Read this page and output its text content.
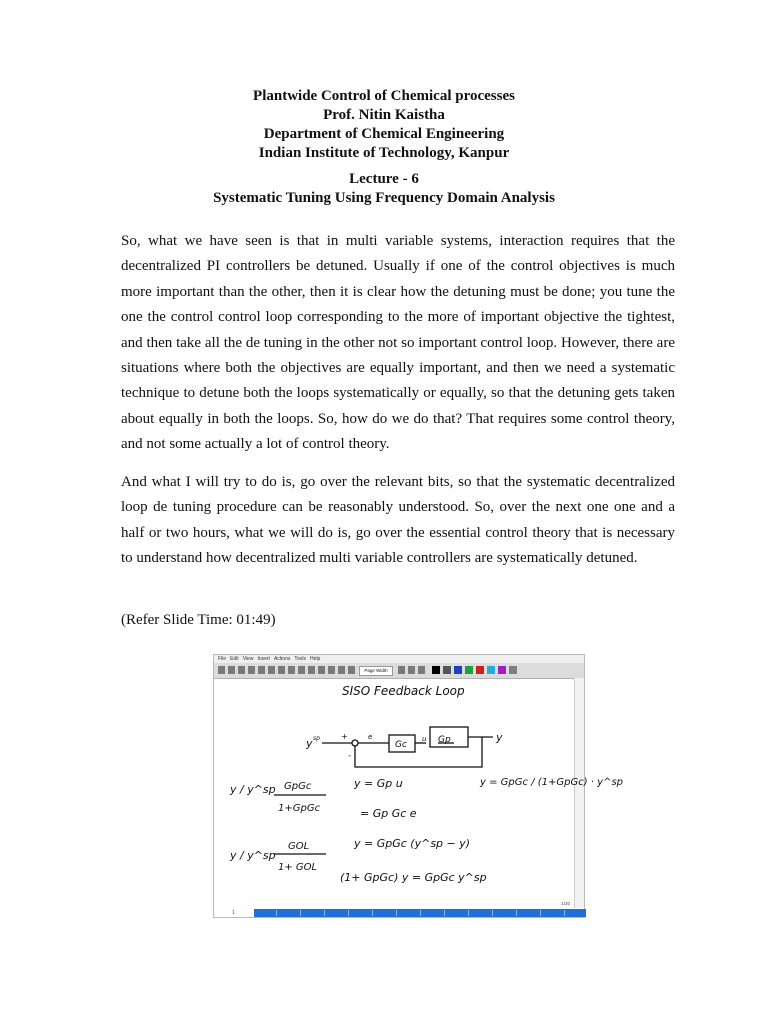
Plantwide Control of Chemical processes
Prof. Nitin Kaistha
Department of Chemical Engineering
Indian Institute of Technology, Kanpur
Lecture - 6
Systematic Tuning Using Frequency Domain Analysis

So, what we have seen is that in multi variable systems, interaction requires that the decentralized PI controllers be detuned. Usually if one of the control objectives is much more important than the other, then it is clear how the detuning must be done; you tune the one the control control loop corresponding to the more of important objective the tightest, and then take all the de tuning in the other not so important control loop. However, there are situations where both the objectives are equally important, and then we need a systematic technique to detune both the loops systematically or equally, so that the detuning gets taken about equally in both the loops. So, how do we do that? That requires some control theory, and not some actually a lot of control theory.

And what I will try to do is, go over the relevant bits, so that the systematic decentralized loop de tuning procedure can be reasonably understood. So, over the next one one and a half or two hours, what we will do is, go over the essential control theory that is necessary to understand how decentralized multi variable controllers are systematically detuned.

(Refer Slide Time: 01:49)
File Edit View Insert Actions Tools Help
Page Width
SISO Feedback Loop
y sp	+
-
e
Gc
u Gp	y
y = GpGc / (1+GpGc) · y^sp
y / y^sp GpGc
1+GpGc
y = Gp u
= Gp Gc e
y / y^sp
GOL
1+ GOL
y = GpGc (y^sp − y)
(1+ GpGc) y = GpGc y^sp
1/20
1
